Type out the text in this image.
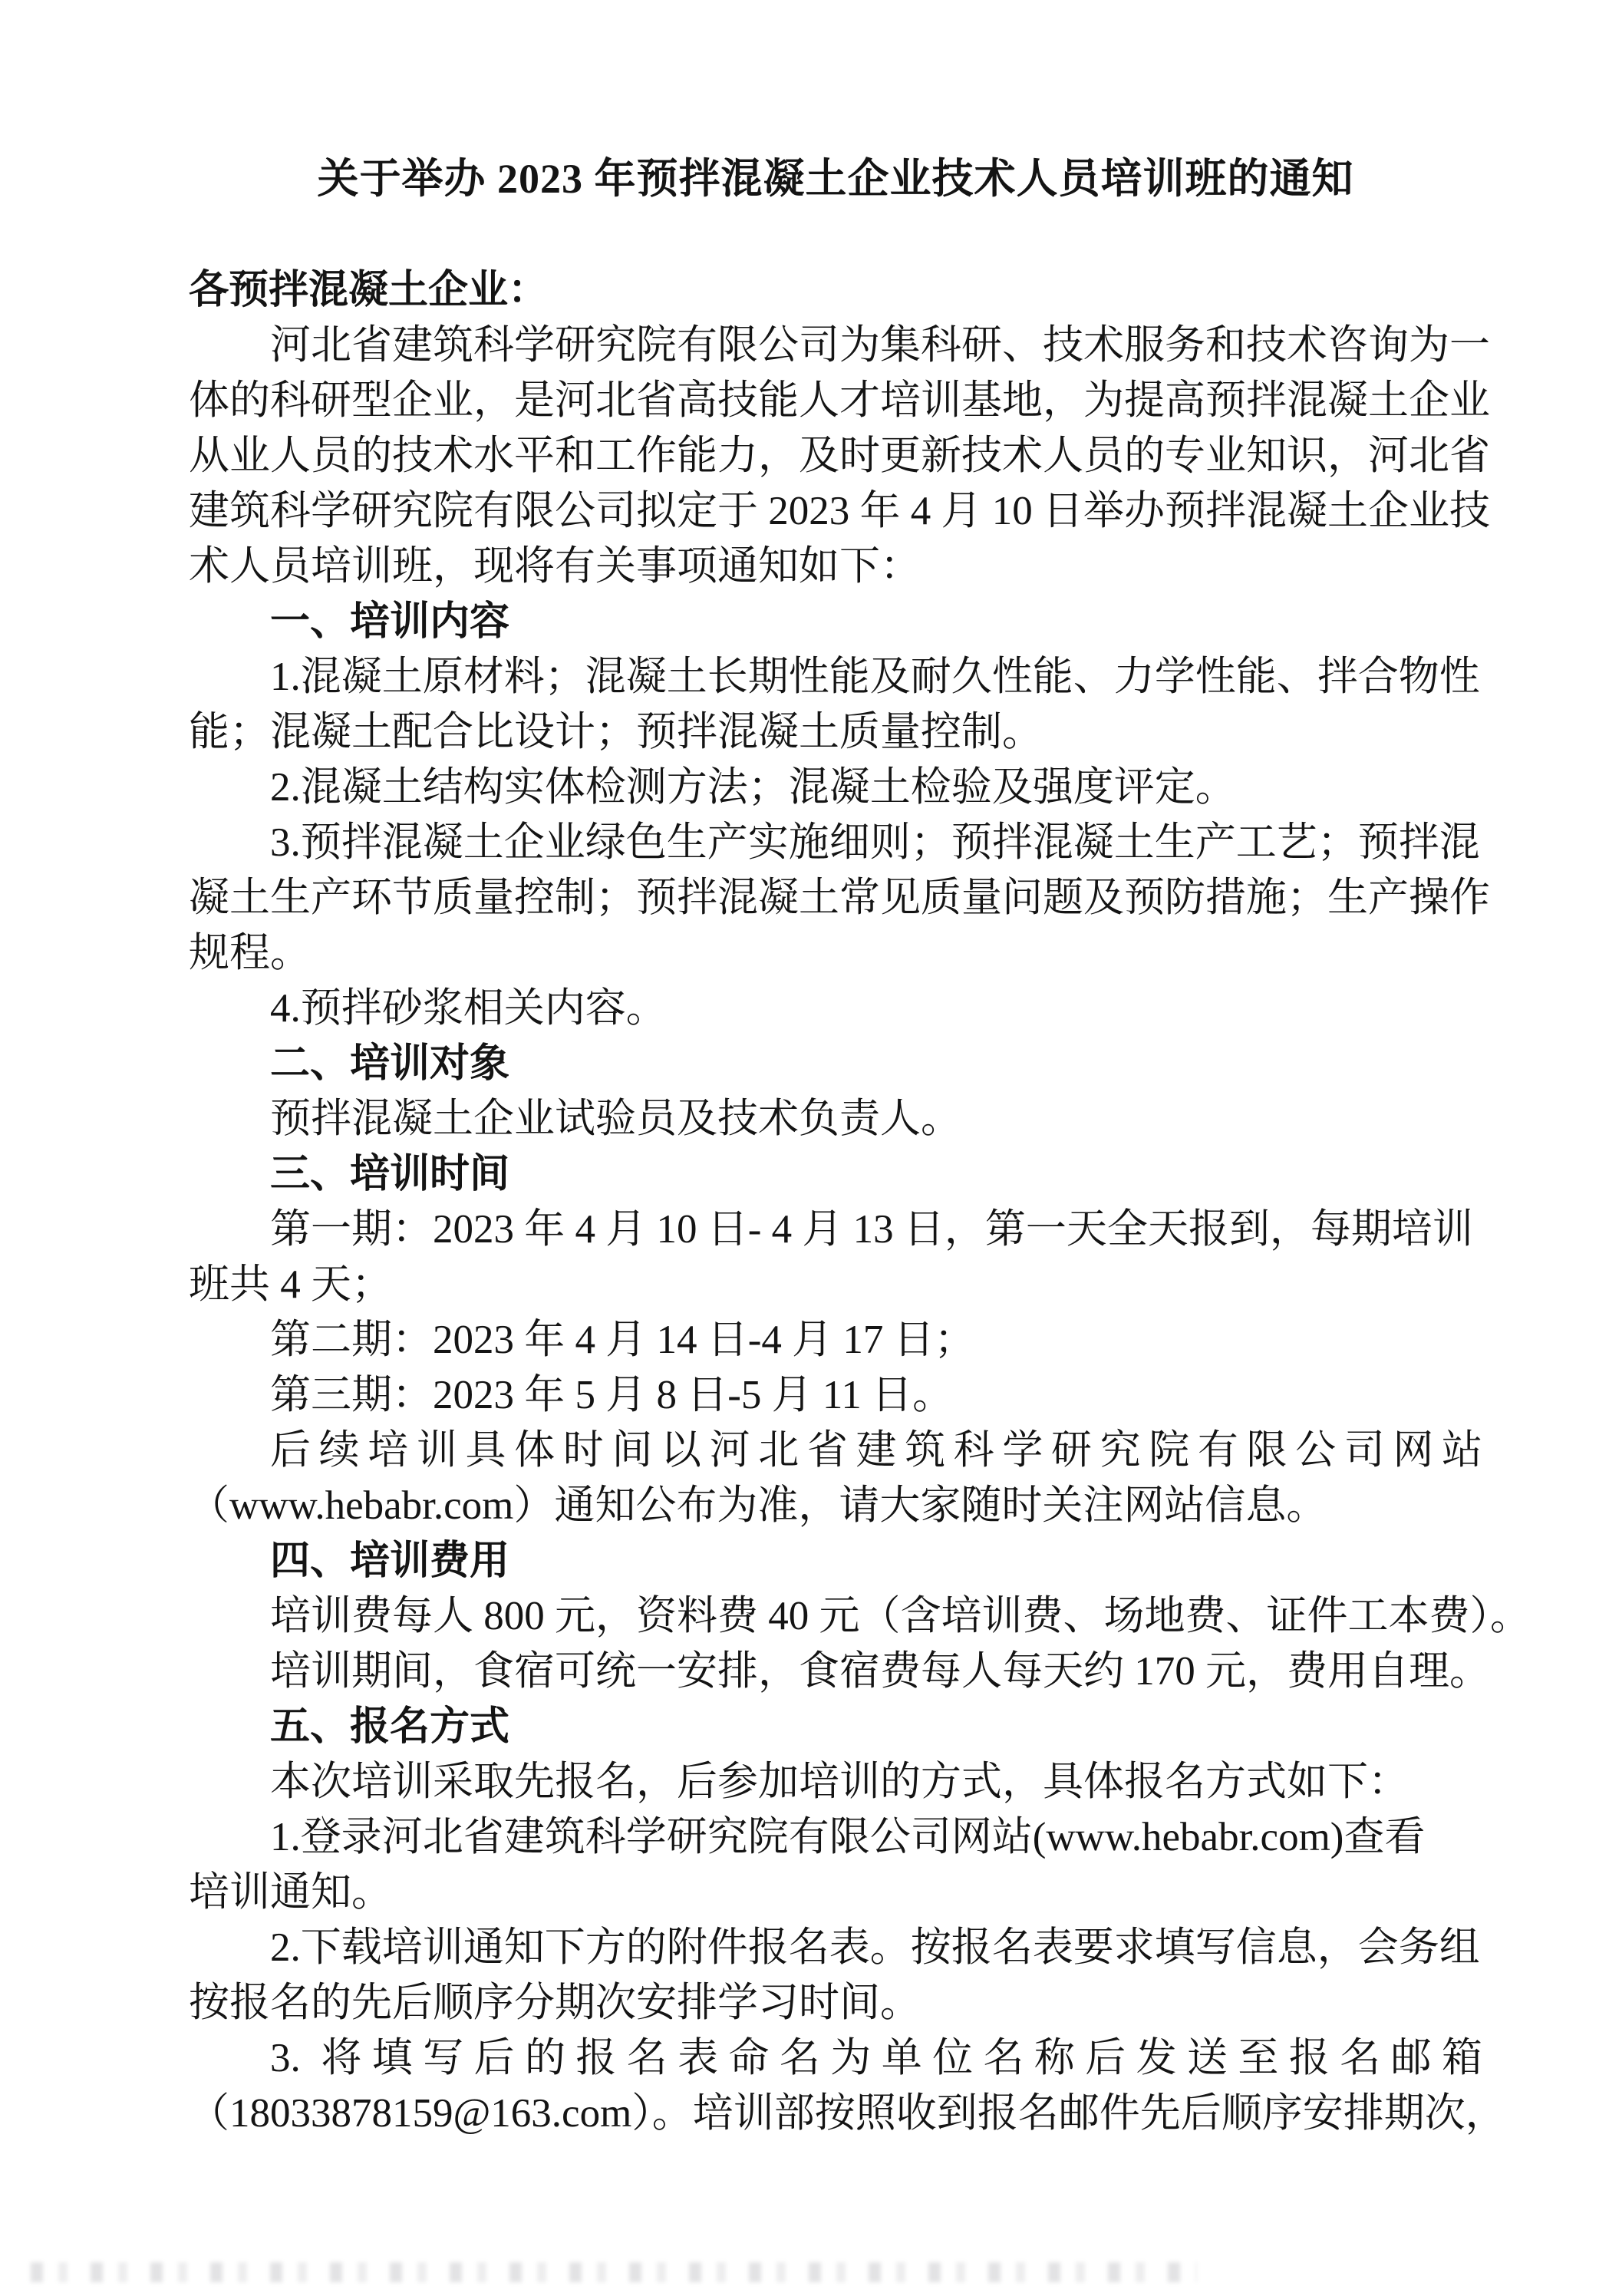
关于举办 2023 年预拌混凝土企业技术人员培训班的通知
各预拌混凝土企业：
河北省建筑科学研究院有限公司为集科研、技术服务和技术咨询为一
体的科研型企业，是河北省高技能人才培训基地，为提高预拌混凝土企业
从业人员的技术水平和工作能力，及时更新技术人员的专业知识，河北省
建筑科学研究院有限公司拟定于 2023 年 4 月 10 日举办预拌混凝土企业技
术人员培训班，现将有关事项通知如下：
一、培训内容
1.混凝土原材料；混凝土长期性能及耐久性能、力学性能、拌合物性
能；混凝土配合比设计；预拌混凝土质量控制。
2.混凝土结构实体检测方法；混凝土检验及强度评定。
3.预拌混凝土企业绿色生产实施细则；预拌混凝土生产工艺；预拌混
凝土生产环节质量控制；预拌混凝土常见质量问题及预防措施；生产操作
规程。
4.预拌砂浆相关内容。
二、培训对象
预拌混凝土企业试验员及技术负责人。
三、培训时间
第一期：2023 年 4 月 10 日- 4 月 13 日，第一天全天报到，每期培训
班共 4 天；
第二期：2023 年 4 月 14 日-4 月 17 日；
第三期：2023 年 5 月 8 日-5 月 11 日。
后续培训具体时间以河北省建筑科学研究院有限公司网站
（www.hebabr.com）通知公布为准，请大家随时关注网站信息。
四、培训费用
培训费每人 800 元，资料费 40 元（含培训费、场地费、证件工本费）。
培训期间，食宿可统一安排，食宿费每人每天约 170 元，费用自理。
五、报名方式
本次培训采取先报名，后参加培训的方式，具体报名方式如下：
1.登录河北省建筑科学研究院有限公司网站(www.hebabr.com)查看
培训通知。
2.下载培训通知下方的附件报名表。按报名表要求填写信息，会务组
按报名的先后顺序分期次安排学习时间。
3. 将填写后的报名表命名为单位名称后发送至报名邮箱
（18033878159@163.com）。培训部按照收到报名邮件先后顺序安排期次，
